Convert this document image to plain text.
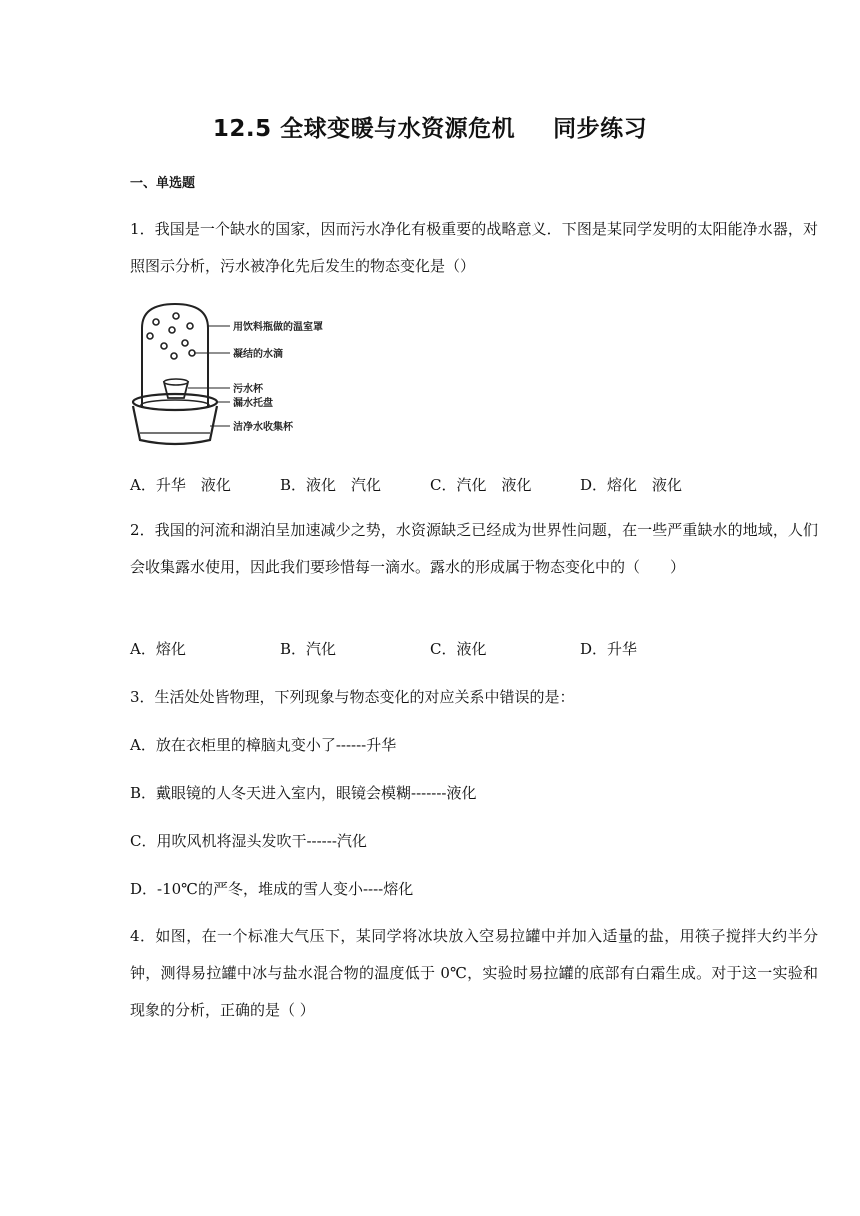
12.5 全球变暖与水资源危机 同步练习
一、单选题
1．我国是一个缺水的国家，因而污水净化有极重要的战略意义．下图是某同学发明的太阳能净水器，对照图示分析，污水被净化先后发生的物态变化是（）
用饮料瓶做的温室罩
凝结的水滴
污水杯
漏水托盘
洁净水收集杯
A．升华　液化	B．液化　汽化	C．汽化　液化	D．熔化　液化
2．我国的河流和湖泊呈加速减少之势，水资源缺乏已经成为世界性问题，在一些严重缺水的地域，人们会收集露水使用，因此我们要珍惜每一滴水。露水的形成属于物态变化中的（　　）
A．熔化	B．汽化	C．液化	D．升华
3．生活处处皆物理，下列现象与物态变化的对应关系中错误的是：
A．放在衣柜里的樟脑丸变小了------升华
B．戴眼镜的人冬天进入室内，眼镜会模糊-------液化
C．用吹风机将湿头发吹干------汽化
D．-10℃的严冬，堆成的雪人变小----熔化
4．如图，在一个标准大气压下，某同学将冰块放入空易拉罐中并加入适量的盐，用筷子搅拌大约半分钟，测得易拉罐中冰与盐水混合物的温度低于 0℃，实验时易拉罐的底部有白霜生成。对于这一实验和现象的分析，正确的是（ ）
